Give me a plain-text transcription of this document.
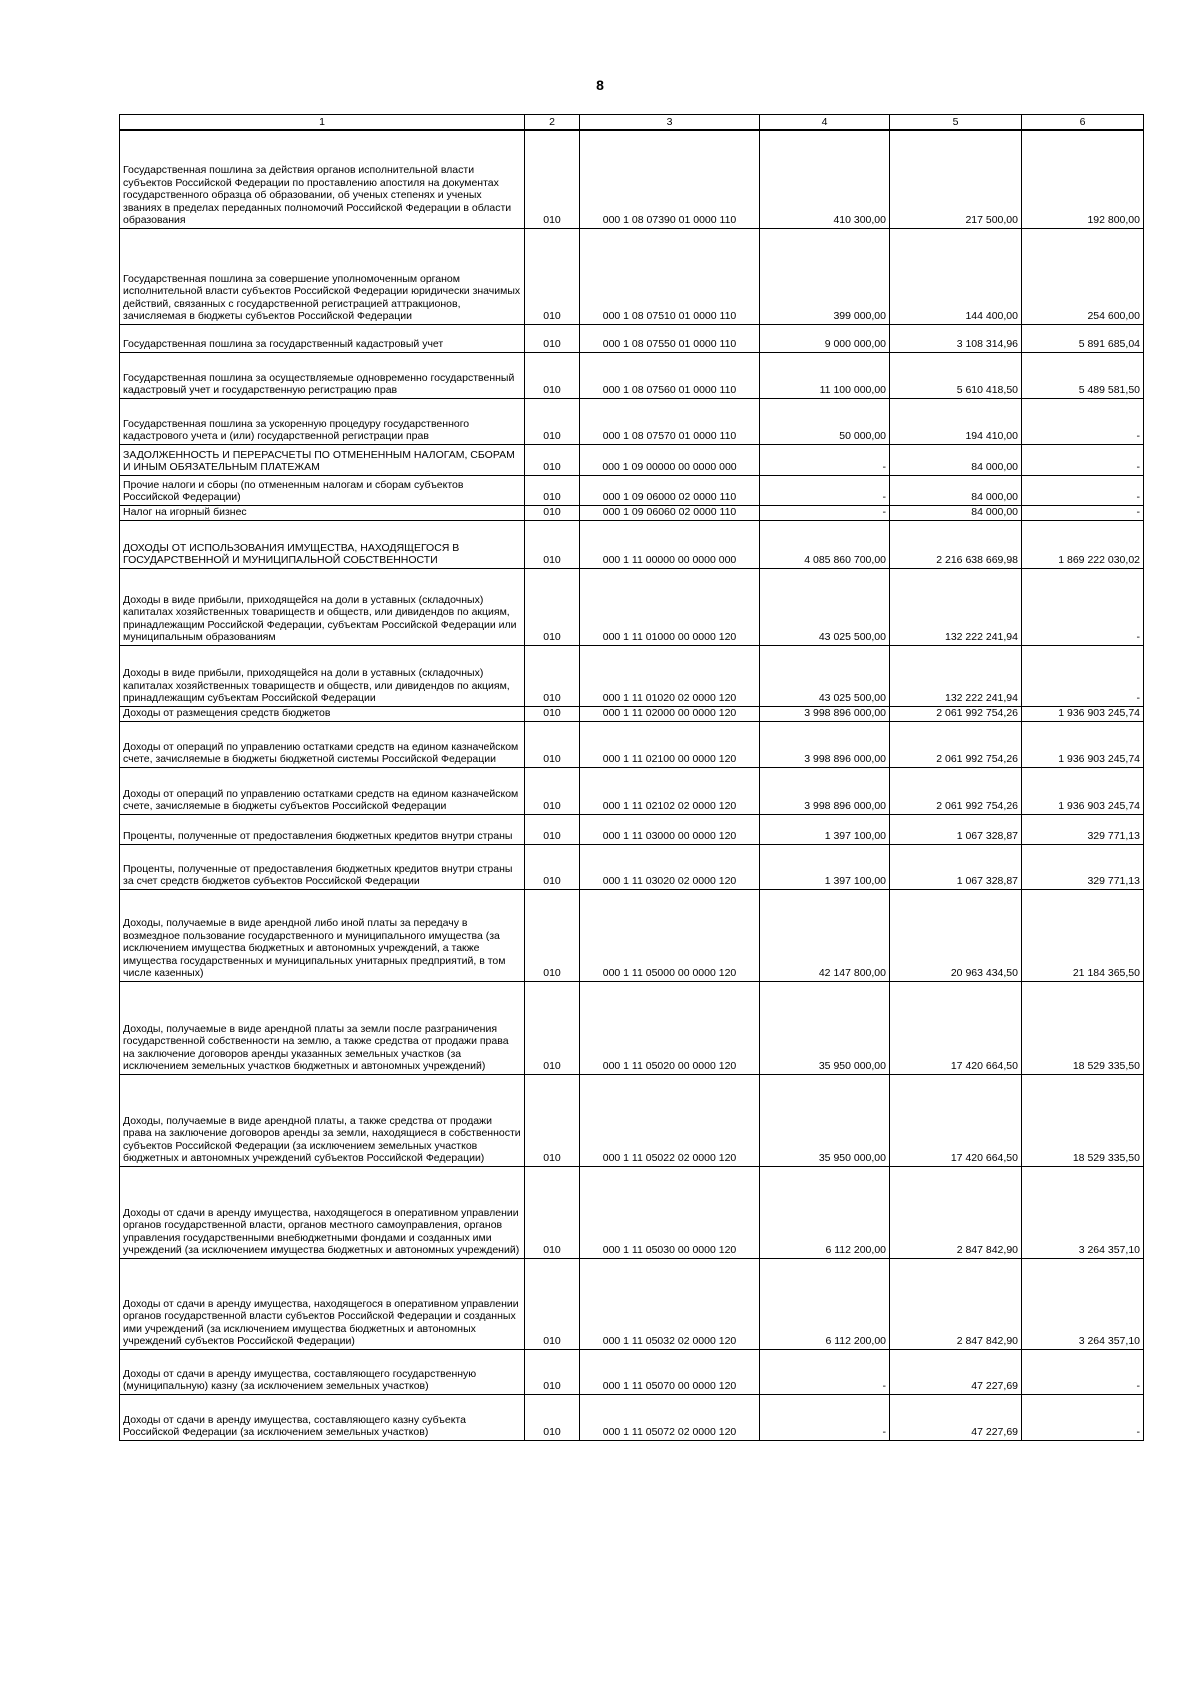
8
1	2	3	4	5	6
Государственная пошлина за действия органов исполнительной власти субъектов Российской Федерации по проставлению апостиля на документах государственного образца об образовании, об ученых степенях и ученых званиях в пределах переданных полномочий Российской Федерации в области образования	010	000 1 08 07390 01 0000 110	410 300,00	217 500,00	192 800,00
Государственная пошлина за совершение уполномоченным органом исполнительной власти субъектов Российской Федерации юридически значимых действий, связанных с государственной регистрацией аттракционов, зачисляемая в бюджеты субъектов Российской Федерации	010	000 1 08 07510 01 0000 110	399 000,00	144 400,00	254 600,00
Государственная пошлина за государственный кадастровый учет	010	000 1 08 07550 01 0000 110	9 000 000,00	3 108 314,96	5 891 685,04
Государственная пошлина за осуществляемые одновременно государственный кадастровый учет и государственную регистрацию прав	010	000 1 08 07560 01 0000 110	11 100 000,00	5 610 418,50	5 489 581,50
Государственная пошлина за ускоренную процедуру государственного кадастрового учета и (или) государственной регистрации прав	010	000 1 08 07570 01 0000 110	50 000,00	194 410,00	-
ЗАДОЛЖЕННОСТЬ И ПЕРЕРАСЧЕТЫ ПО ОТМЕНЕННЫМ НАЛОГАМ, СБОРАМ И ИНЫМ ОБЯЗАТЕЛЬНЫМ ПЛАТЕЖАМ	010	000 1 09 00000 00 0000 000	-	84 000,00	-
Прочие налоги и сборы (по отмененным налогам и сборам субъектов Российской Федерации)	010	000 1 09 06000 02 0000 110	-	84 000,00	-
Налог на игорный бизнес	010	000 1 09 06060 02 0000 110	-	84 000,00	-
ДОХОДЫ ОТ ИСПОЛЬЗОВАНИЯ ИМУЩЕСТВА, НАХОДЯЩЕГОСЯ В ГОСУДАРСТВЕННОЙ И МУНИЦИПАЛЬНОЙ СОБСТВЕННОСТИ	010	000 1 11 00000 00 0000 000	4 085 860 700,00	2 216 638 669,98	1 869 222 030,02
Доходы в виде прибыли, приходящейся на доли в уставных (складочных) капиталах хозяйственных товариществ и обществ, или дивидендов по акциям, принадлежащим Российской Федерации, субъектам Российской Федерации или муниципальным образованиям	010	000 1 11 01000 00 0000 120	43 025 500,00	132 222 241,94	-
Доходы в виде прибыли, приходящейся на доли в уставных (складочных) капиталах хозяйственных товариществ и обществ, или дивидендов по акциям, принадлежащим субъектам Российской Федерации	010	000 1 11 01020 02 0000 120	43 025 500,00	132 222 241,94	-
Доходы от размещения средств бюджетов	010	000 1 11 02000 00 0000 120	3 998 896 000,00	2 061 992 754,26	1 936 903 245,74
Доходы от операций по управлению остатками средств на едином казначейском счете, зачисляемые в бюджеты бюджетной системы Российской Федерации	010	000 1 11 02100 00 0000 120	3 998 896 000,00	2 061 992 754,26	1 936 903 245,74
Доходы от операций по управлению остатками средств на едином казначейском счете, зачисляемые в бюджеты субъектов Российской Федерации	010	000 1 11 02102 02 0000 120	3 998 896 000,00	2 061 992 754,26	1 936 903 245,74
Проценты, полученные от предоставления бюджетных кредитов внутри страны	010	000 1 11 03000 00 0000 120	1 397 100,00	1 067 328,87	329 771,13
Проценты, полученные от предоставления бюджетных кредитов внутри страны за счет средств бюджетов субъектов Российской Федерации	010	000 1 11 03020 02 0000 120	1 397 100,00	1 067 328,87	329 771,13
Доходы, получаемые в виде арендной либо иной платы за передачу в возмездное пользование государственного и муниципального имущества (за исключением имущества бюджетных и автономных учреждений, а также имущества государственных и муниципальных унитарных предприятий, в том числе казенных)	010	000 1 11 05000 00 0000 120	42 147 800,00	20 963 434,50	21 184 365,50
Доходы, получаемые в виде арендной платы за земли после разграничения государственной собственности на землю, а также средства от продажи права на заключение договоров аренды указанных земельных участков (за исключением земельных участков бюджетных и автономных учреждений)	010	000 1 11 05020 00 0000 120	35 950 000,00	17 420 664,50	18 529 335,50
Доходы, получаемые в виде арендной платы, а также средства от продажи права на заключение договоров аренды за земли, находящиеся в собственности субъектов Российской Федерации (за исключением земельных участков бюджетных и автономных учреждений субъектов Российской Федерации)	010	000 1 11 05022 02 0000 120	35 950 000,00	17 420 664,50	18 529 335,50
Доходы от сдачи в аренду имущества, находящегося в оперативном управлении органов государственной власти, органов местного самоуправления, органов управления государственными внебюджетными фондами и созданных ими учреждений (за исключением имущества бюджетных и автономных учреждений)	010	000 1 11 05030 00 0000 120	6 112 200,00	2 847 842,90	3 264 357,10
Доходы от сдачи в аренду имущества, находящегося в оперативном управлении органов государственной власти субъектов Российской Федерации и созданных ими учреждений (за исключением имущества бюджетных и автономных учреждений субъектов Российской Федерации)	010	000 1 11 05032 02 0000 120	6 112 200,00	2 847 842,90	3 264 357,10
Доходы от сдачи в аренду имущества, составляющего государственную (муниципальную) казну (за исключением земельных участков)	010	000 1 11 05070 00 0000 120	-	47 227,69	-
Доходы от сдачи в аренду имущества, составляющего казну субъекта Российской Федерации (за исключением земельных участков)	010	000 1 11 05072 02 0000 120	-	47 227,69	-
